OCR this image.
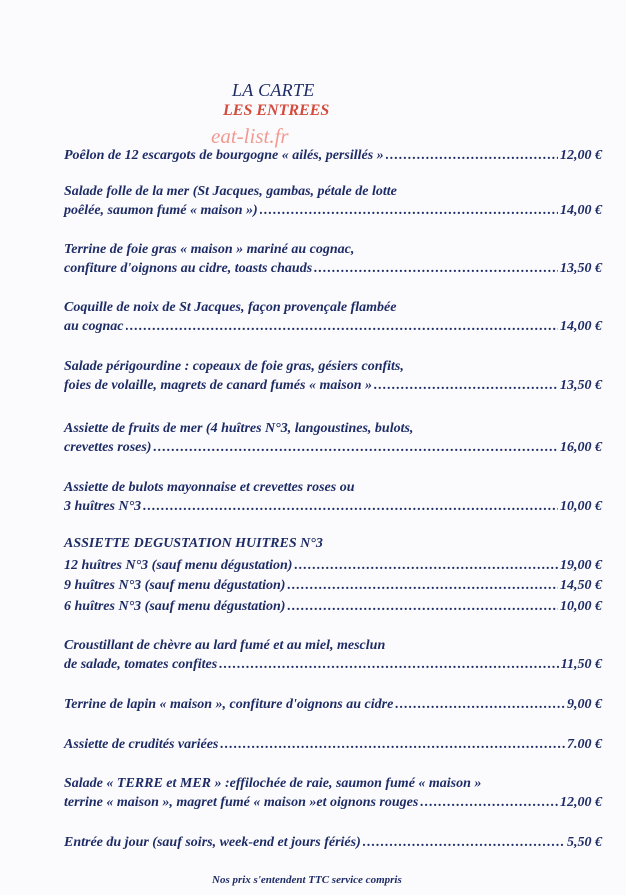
LA CARTE
LES ENTREES
eat-list.fr
Poêlon de 12 escargots de bourgogne « ailés, persillés » .....	12,00 €
Salade folle de la mer (St Jacques, gambas, pétale de lotte
poêlée, saumon fumé « maison ») .....	14,00 €
Terrine de foie gras « maison » mariné au cognac,
confiture d'oignons au cidre, toasts chauds .....	13,50 €
Coquille de noix de St Jacques, façon provençale flambée
au cognac .....	14,00 €
Salade périgourdine : copeaux de foie gras, gésiers confits,
foies de volaille, magrets de canard fumés « maison » .....	13,50 €
Assiette de fruits de mer (4 huîtres N°3, langoustines, bulots,
crevettes roses) .....	16,00 €
Assiette de bulots mayonnaise et crevettes roses ou
3 huîtres N°3 .....	10,00 €
ASSIETTE DEGUSTATION HUITRES N°3
12 huîtres N°3 (sauf menu dégustation) .....	19,00 €
9 huîtres N°3 (sauf menu dégustation) .....	14,50 €
6 huîtres N°3 (sauf menu dégustation) .....	10,00 €
Croustillant de chèvre au lard fumé et au miel, mesclun
de salade, tomates confites .....	11,50 €
Terrine de lapin « maison », confiture d'oignons au cidre .....	9,00 €
Assiette de crudités variées .....	7.00 €
Salade « TERRE et MER » :effilochée de raie, saumon fumé « maison »
terrine « maison », magret fumé « maison »et oignons rouges .....	12,00 €
Entrée du jour (sauf soirs, week-end et jours fériés) .....	5,50 €
Nos prix s'entendent TTC service compris
